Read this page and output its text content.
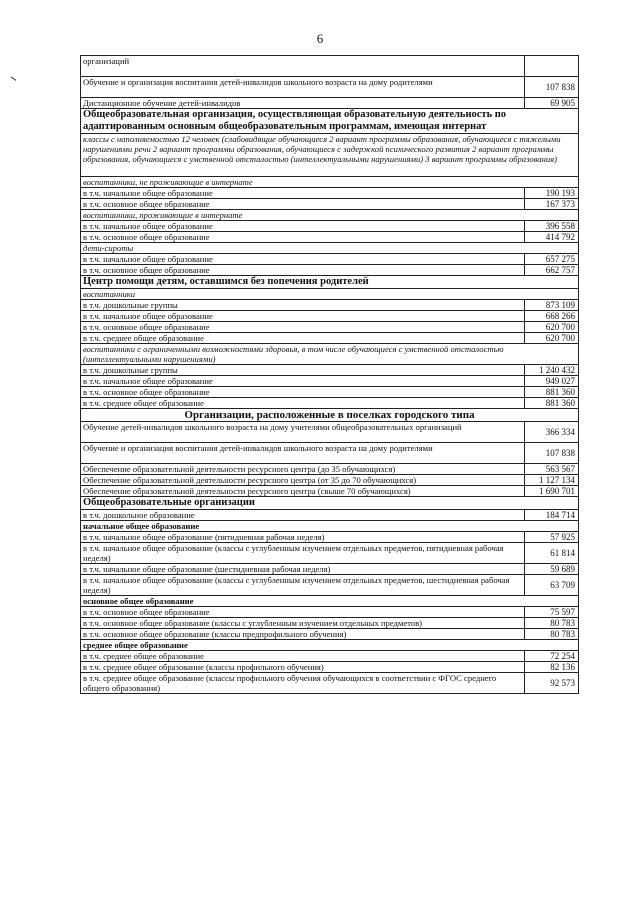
6
организаций	
Обучение и организация воспитания детей-инвалидов школьного возраста на дому родителями	107 838
Дистанционное обучение детей-инвалидов	69 905
Общеобразовательная организация, осуществляющая образовательную деятельность по адаптированным основным общеобразовательным программам, имеющая интернат	
классы с наполняемостью 12 человек (слабовидящие обучающиеся 2 вариант программы образования, обучающиеся с тяжелыми нарушениями речи 2 вариант программы образования, обучающиеся с задержкой психического развития 2 вариант программы образования, обучающиеся с умственной отсталостью (интеллектуальными нарушениями) 3 вариант программы образования)	
воспитанники, не проживающие в интернате	
в т.ч. начальное общее образование	190 193
в т.ч. основное общее образование	167 373
воспитанники, проживающие в интернате	
в т.ч. начальное общее образование	396 558
в т.ч. основное общее образование	414 792
дети-сироты	
в т.ч. начальное общее образование	657 275
в т.ч. основное общее образование	662 757
Центр помощи детям, оставшимся без попечения родителей	
воспитанники	
в т.ч. дошкольные группы	873 109
в т.ч. начальное общее образование	668 266
в т.ч. основное общее образование	620 700
в т.ч. среднее общее образование	620 700
воспитанники с ограниченными возможностями здоровья, в том числе обучающиеся с умственной отсталостью (интеллектуальными нарушениями)	
в т.ч. дошкольные группы	1 240 432
в т.ч. начальное общее образование	949 027
в т.ч. основное общее образование	881 360
в т.ч. среднее общее образование	881 360
Организации, расположенные в поселках городского типа	
Обучение детей-инвалидов школьного возраста на дому учителями общеобразовательных организаций	366 334
Обучение и организация воспитания детей-инвалидов школьного возраста на дому родителями	107 838
Обеспечение образовательной деятельности ресурсного центра (до 35 обучающихся)	563 567
Обеспечение образовательной деятельности ресурсного центра (от 35 до 70 обучающихся)	1 127 134
Обеспечение образовательной деятельности ресурсного центра (свыше 70 обучающихся)	1 690 701
Общеобразовательные организации	
в т.ч. дошкольное образование	184 714
начальное общее образование	
в т.ч. начальное общее образование (пятидневная рабочая неделя)	57 925
в т.ч. начальное общее образование (классы с углубленным изучением отдельных предметов, пятидневная рабочая неделя)	61 814
в т.ч. начальное общее образование (шестидневная рабочая неделя)	59 689
в т.ч. начальное общее образование (классы с углубленным изучением отдельных предметов, шестидневная рабочая неделя)	63 709
основное общее образование	
в т.ч. основное общее образование	75 597
в т.ч. основное общее образование (классы с углубленным изучением отдельных предметов)	80 783
в т.ч. основное общее образование (классы предпрофильного обучения)	80 783
среднее общее образование	
в т.ч. среднее общее образование	72 254
в т.ч. среднее общее образование (классы профильного обучения)	82 136
в т.ч. среднее общее образование (классы профильного обучения обучающихся в соответствии с ФГОС среднего общего образования)	92 573
